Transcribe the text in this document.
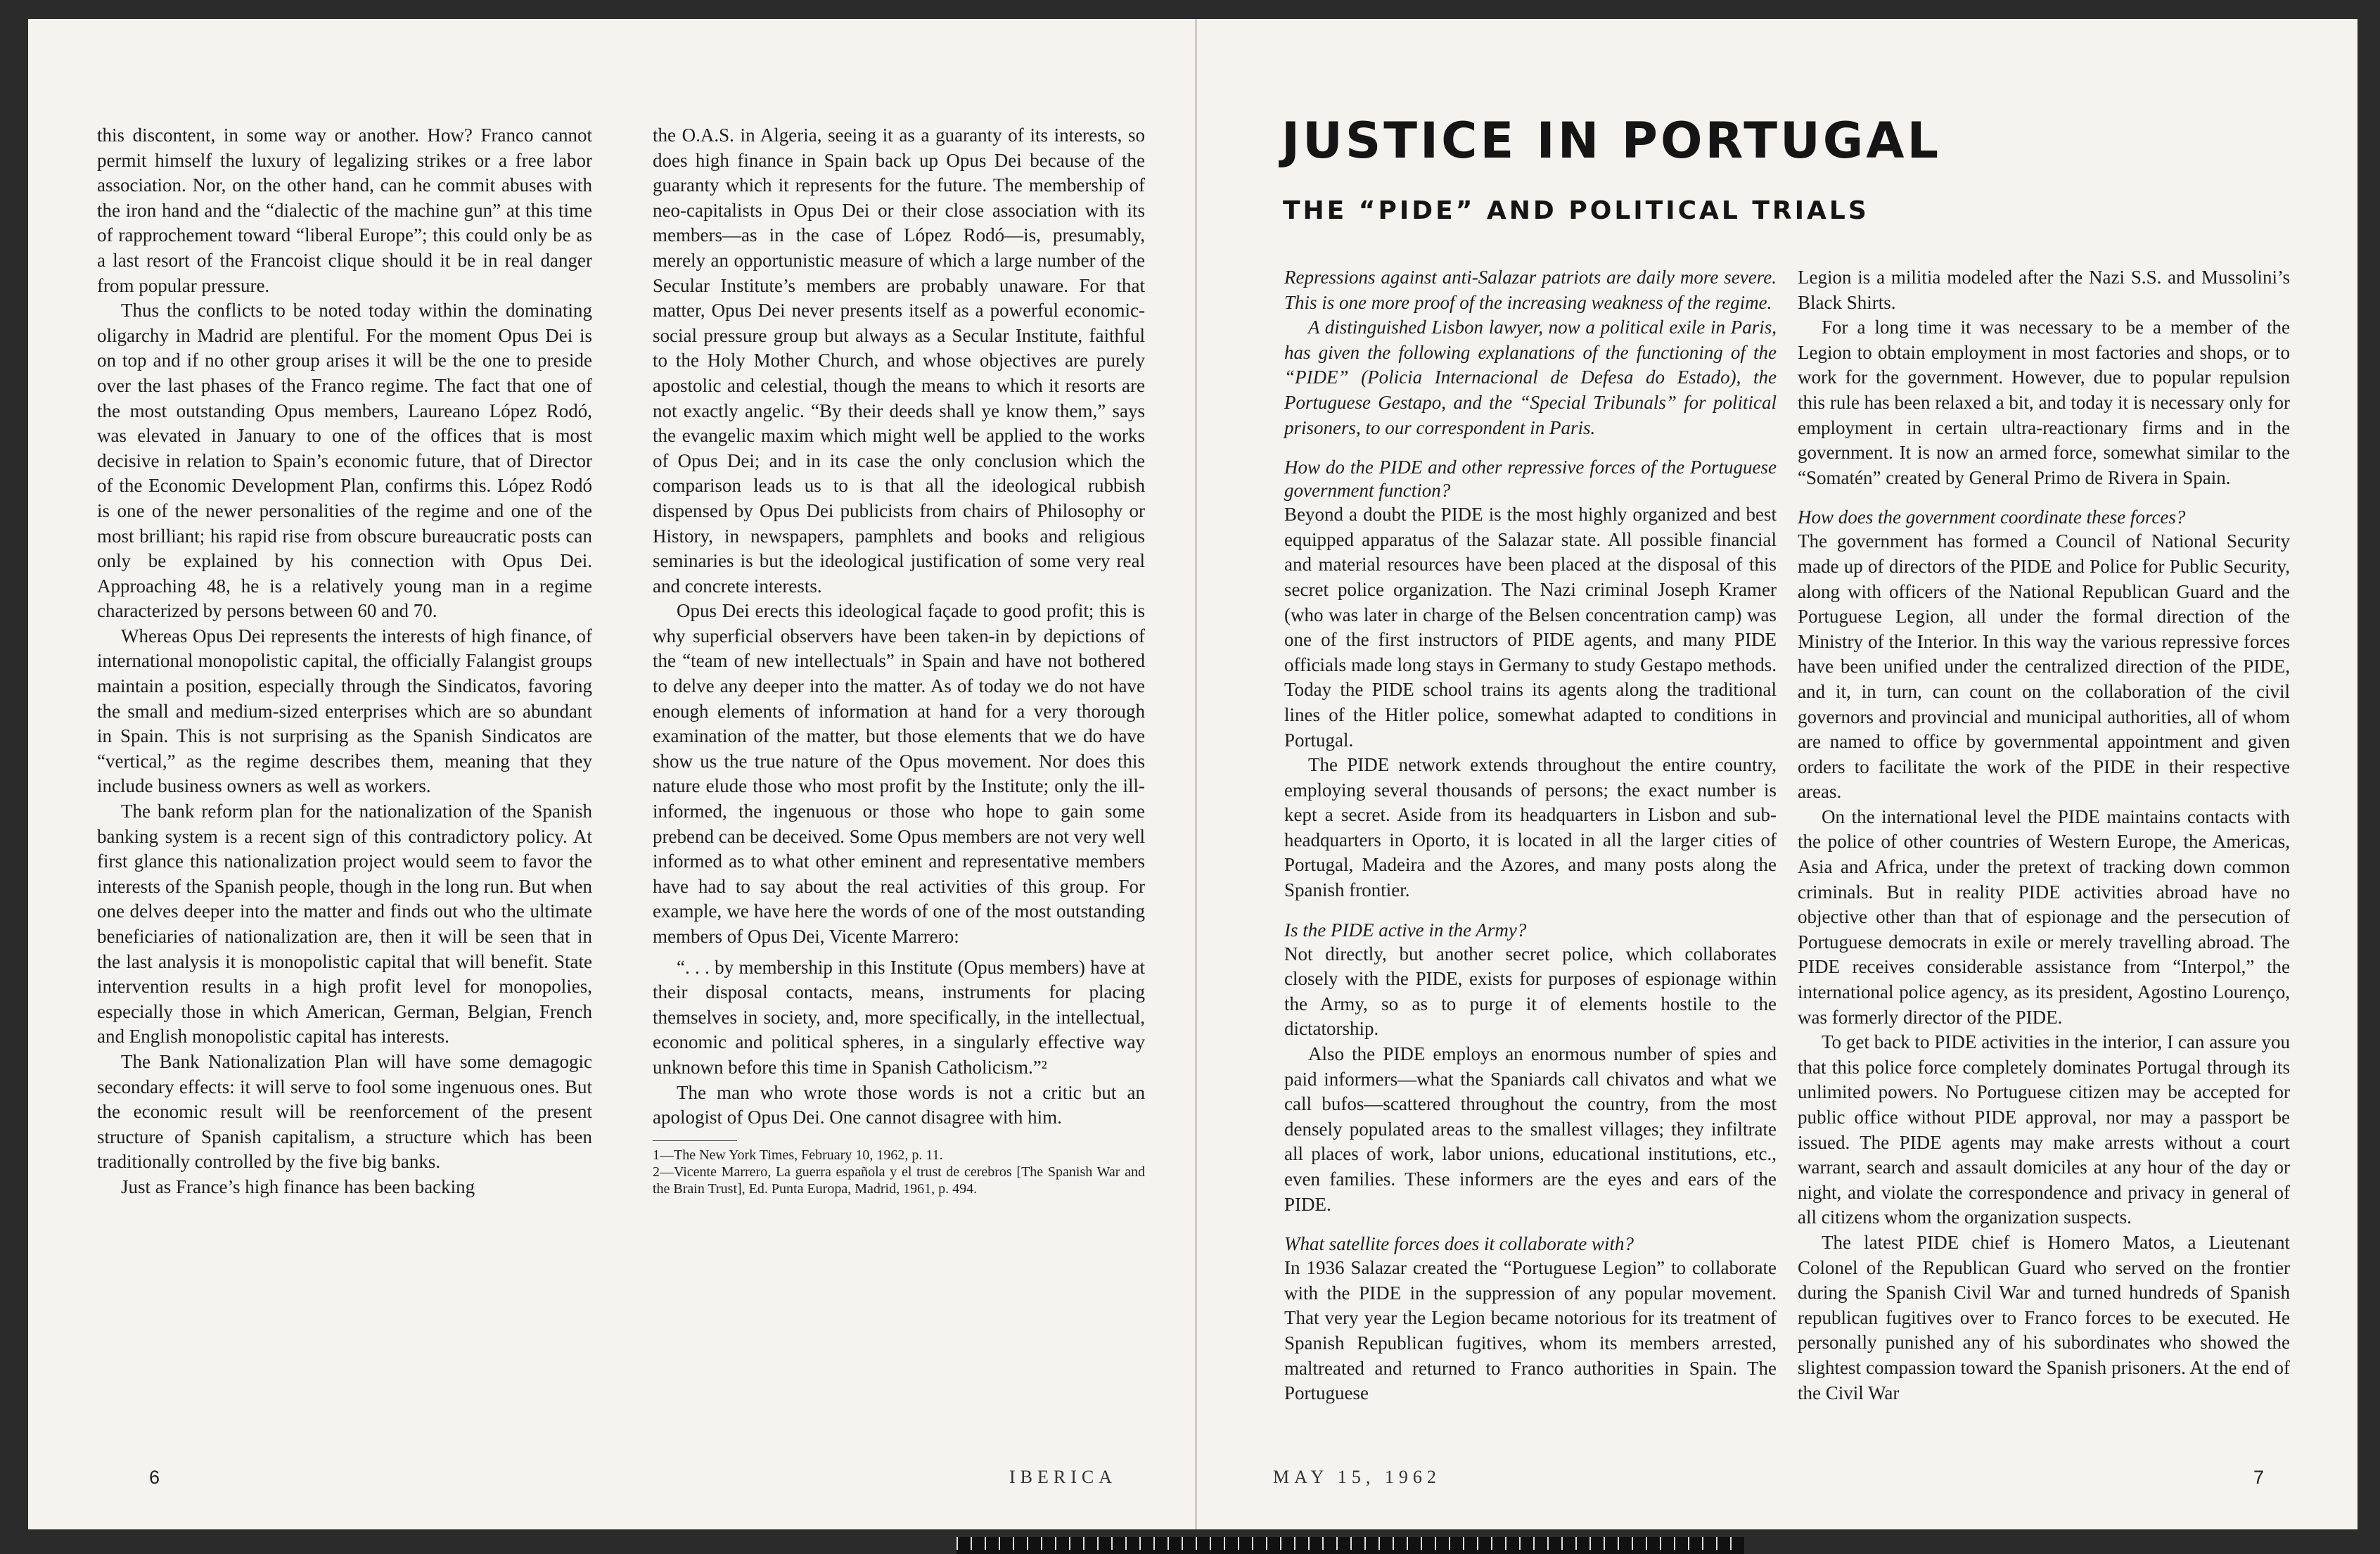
this discontent, in some way or another. How? Franco cannot permit himself the luxury of legalizing strikes or a free labor association. Nor, on the other hand, can he commit abuses with the iron hand and the “dialectic of the machine gun” at this time of rapprochement toward “liberal Europe”; this could only be as a last resort of the Francoist clique should it be in real danger from popular pressure.

Thus the conflicts to be noted today within the dominating oligarchy in Madrid are plentiful. For the moment Opus Dei is on top and if no other group arises it will be the one to preside over the last phases of the Franco regime. The fact that one of the most outstanding Opus members, Laureano López Rodó, was elevated in January to one of the offices that is most decisive in relation to Spain’s economic future, that of Director of the Economic Development Plan, confirms this. López Rodó is one of the newer personalities of the regime and one of the most brilliant; his rapid rise from obscure bureaucratic posts can only be explained by his connection with Opus Dei. Approaching 48, he is a relatively young man in a regime characterized by persons between 60 and 70.

Whereas Opus Dei represents the interests of high finance, of international monopolistic capital, the officially Falangist groups maintain a position, especially through the Sindicatos, favoring the small and medium-sized enterprises which are so abundant in Spain. This is not surprising as the Spanish Sindicatos are “vertical,” as the regime describes them, meaning that they include business owners as well as workers.

The bank reform plan for the nationalization of the Spanish banking system is a recent sign of this contradictory policy. At first glance this nationalization project would seem to favor the interests of the Spanish people, though in the long run. But when one delves deeper into the matter and finds out who the ultimate beneficiaries of nationalization are, then it will be seen that in the last analysis it is monopolistic capital that will benefit. State intervention results in a high profit level for monopolies, especially those in which American, German, Belgian, French and English monopolistic capital has interests.

The Bank Nationalization Plan will have some demagogic secondary effects: it will serve to fool some ingenuous ones. But the economic result will be reenforcement of the present structure of Spanish capitalism, a structure which has been traditionally controlled by the five big banks.

Just as France’s high finance has been backing

the O.A.S. in Algeria, seeing it as a guaranty of its interests, so does high finance in Spain back up Opus Dei because of the guaranty which it represents for the future. The membership of neo-capitalists in Opus Dei or their close association with its members—as in the case of López Rodó—is, presumably, merely an opportunistic measure of which a large number of the Secular Institute’s members are probably unaware. For that matter, Opus Dei never presents itself as a powerful economic-social pressure group but always as a Secular Institute, faithful to the Holy Mother Church, and whose objectives are purely apostolic and celestial, though the means to which it resorts are not exactly angelic. “By their deeds shall ye know them,” says the evangelic maxim which might well be applied to the works of Opus Dei; and in its case the only conclusion which the comparison leads us to is that all the ideological rubbish dispensed by Opus Dei publicists from chairs of Philosophy or History, in newspapers, pamphlets and books and religious seminaries is but the ideological justification of some very real and concrete interests.

Opus Dei erects this ideological façade to good profit; this is why superficial observers have been taken-in by depictions of the “team of new intellectuals” in Spain and have not bothered to delve any deeper into the matter. As of today we do not have enough elements of information at hand for a very thorough examination of the matter, but those elements that we do have show us the true nature of the Opus movement. Nor does this nature elude those who most profit by the Institute; only the ill-informed, the ingenuous or those who hope to gain some prebend can be deceived. Some Opus members are not very well informed as to what other eminent and representative members have had to say about the real activities of this group. For example, we have here the words of one of the most outstanding members of Opus Dei, Vicente Marrero:

“. . . by membership in this Institute (Opus members) have at their disposal contacts, means, instruments for placing themselves in society, and, more specifically, in the intellectual, economic and political spheres, in a singularly effective way unknown before this time in Spanish Catholicism.”²

The man who wrote those words is not a critic but an apologist of Opus Dei. One cannot disagree with him.

1—The New York Times, February 10, 1962, p. 11.

2—Vicente Marrero, La guerra española y el trust de cerebros [The Spanish War and the Brain Trust], Ed. Punta Europa, Madrid, 1961, p. 494.

6	IBERICA
JUSTICE IN PORTUGAL
THE “PIDE” AND POLITICAL TRIALS

Repressions against anti-Salazar patriots are daily more severe. This is one more proof of the increasing weakness of the regime.

A distinguished Lisbon lawyer, now a political exile in Paris, has given the following explanations of the functioning of the “PIDE” (Policia Internacional de Defesa do Estado), the Portuguese Gestapo, and the “Special Tribunals” for political prisoners, to our correspondent in Paris.

How do the PIDE and other repressive forces of the Portuguese government function?

Beyond a doubt the PIDE is the most highly organized and best equipped apparatus of the Salazar state. All possible financial and material resources have been placed at the disposal of this secret police organization. The Nazi criminal Joseph Kramer (who was later in charge of the Belsen concentration camp) was one of the first instructors of PIDE agents, and many PIDE officials made long stays in Germany to study Gestapo methods. Today the PIDE school trains its agents along the traditional lines of the Hitler police, somewhat adapted to conditions in Portugal.

The PIDE network extends throughout the entire country, employing several thousands of persons; the exact number is kept a secret. Aside from its headquarters in Lisbon and sub-headquarters in Oporto, it is located in all the larger cities of Portugal, Madeira and the Azores, and many posts along the Spanish frontier.

Is the PIDE active in the Army?

Not directly, but another secret police, which collaborates closely with the PIDE, exists for purposes of espionage within the Army, so as to purge it of elements hostile to the dictatorship.

Also the PIDE employs an enormous number of spies and paid informers—what the Spaniards call chivatos and what we call bufos—scattered throughout the country, from the most densely populated areas to the smallest villages; they infiltrate all places of work, labor unions, educational institutions, etc., even families. These informers are the eyes and ears of the PIDE.

What satellite forces does it collaborate with?

In 1936 Salazar created the “Portuguese Legion” to collaborate with the PIDE in the suppression of any popular movement. That very year the Legion became notorious for its treatment of Spanish Republican fugitives, whom its members arrested, maltreated and returned to Franco authorities in Spain. The Portuguese

Legion is a militia modeled after the Nazi S.S. and Mussolini’s Black Shirts.

For a long time it was necessary to be a member of the Legion to obtain employment in most factories and shops, or to work for the government. However, due to popular repulsion this rule has been relaxed a bit, and today it is necessary only for employment in certain ultra-reactionary firms and in the government. It is now an armed force, somewhat similar to the “Somatén” created by General Primo de Rivera in Spain.

How does the government coordinate these forces?

The government has formed a Council of National Security made up of directors of the PIDE and Police for Public Security, along with officers of the National Republican Guard and the Portuguese Legion, all under the formal direction of the Ministry of the Interior. In this way the various repressive forces have been unified under the centralized direction of the PIDE, and it, in turn, can count on the collaboration of the civil governors and provincial and municipal authorities, all of whom are named to office by governmental appointment and given orders to facilitate the work of the PIDE in their respective areas.

On the international level the PIDE maintains contacts with the police of other countries of Western Europe, the Americas, Asia and Africa, under the pretext of tracking down common criminals. But in reality PIDE activities abroad have no objective other than that of espionage and the persecution of Portuguese democrats in exile or merely travelling abroad. The PIDE receives considerable assistance from “Interpol,” the international police agency, as its president, Agostino Lourenço, was formerly director of the PIDE.

To get back to PIDE activities in the interior, I can assure you that this police force completely dominates Portugal through its unlimited powers. No Portuguese citizen may be accepted for public office without PIDE approval, nor may a passport be issued. The PIDE agents may make arrests without a court warrant, search and assault domiciles at any hour of the day or night, and violate the correspondence and privacy in general of all citizens whom the organization suspects.

The latest PIDE chief is Homero Matos, a Lieutenant Colonel of the Republican Guard who served on the frontier during the Spanish Civil War and turned hundreds of Spanish republican fugitives over to Franco forces to be executed. He personally punished any of his subordinates who showed the slightest compassion toward the Spanish prisoners. At the end of the Civil War

MAY 15, 1962	7
